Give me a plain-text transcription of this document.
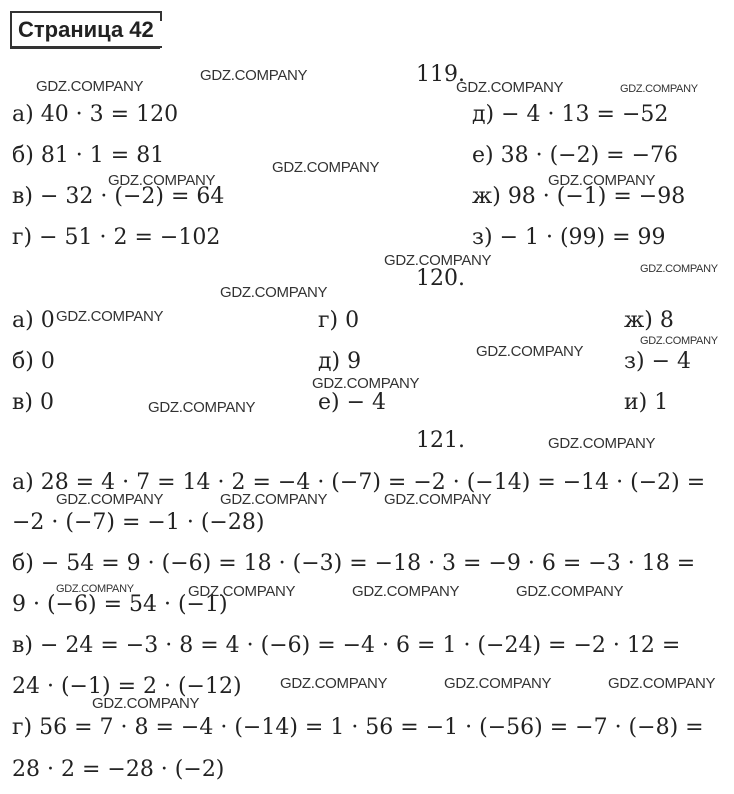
Страница 42
119.
а) 40 · 3 = 120
б) 81 · 1 = 81
в) − 32 · (−2) = 64
г) − 51 · 2 = −102
д) − 4 · 13 = −52
е) 38 · (−2) = −76
ж) 98 · (−1) = −98
з) − 1 · (99) = 99
120.
а) 0
б) 0
в) 0
г) 0
д) 9
е) − 4
ж) 8
з) − 4
и) 1
121.
а) 28 = 4 · 7 = 14 · 2 = −4 · (−7) = −2 · (−14) = −14 · (−2) =
−2 · (−7) = −1 · (−28)
б) − 54 = 9 · (−6) = 18 · (−3) = −18 · 3 = −9 · 6 = −3 · 18 =
9 · (−6) = 54 · (−1)
в) − 24 = −3 · 8 = 4 · (−6) = −4 · 6 = 1 · (−24) = −2 · 12 =
24 · (−1) = 2 · (−12)
г) 56 = 7 · 8 = −4 · (−14) = 1 · 56 = −1 · (−56) = −7 · (−8) =
28 · 2 = −28 · (−2)
GDZ.COMPANY
GDZ.COMPANY
GDZ.COMPANY	GDZ.COMPANY
GDZ.COMPANY
GDZ.COMPANY	GDZ.COMPANY
GDZ.COMPANY	GDZ.COMPANY
GDZ.COMPANY
GDZ.COMPANY
GDZ.COMPANY
GDZ.COMPANY
GDZ.COMPANY
GDZ.COMPANY
GDZ.COMPANY
GDZ.COMPANY	GDZ.COMPANY	GDZ.COMPANY
GDZ.COMPANY	GDZ.COMPANY	GDZ.COMPANY	GDZ.COMPANY
GDZ.COMPANY	GDZ.COMPANY	GDZ.COMPANY
GDZ.COMPANY
